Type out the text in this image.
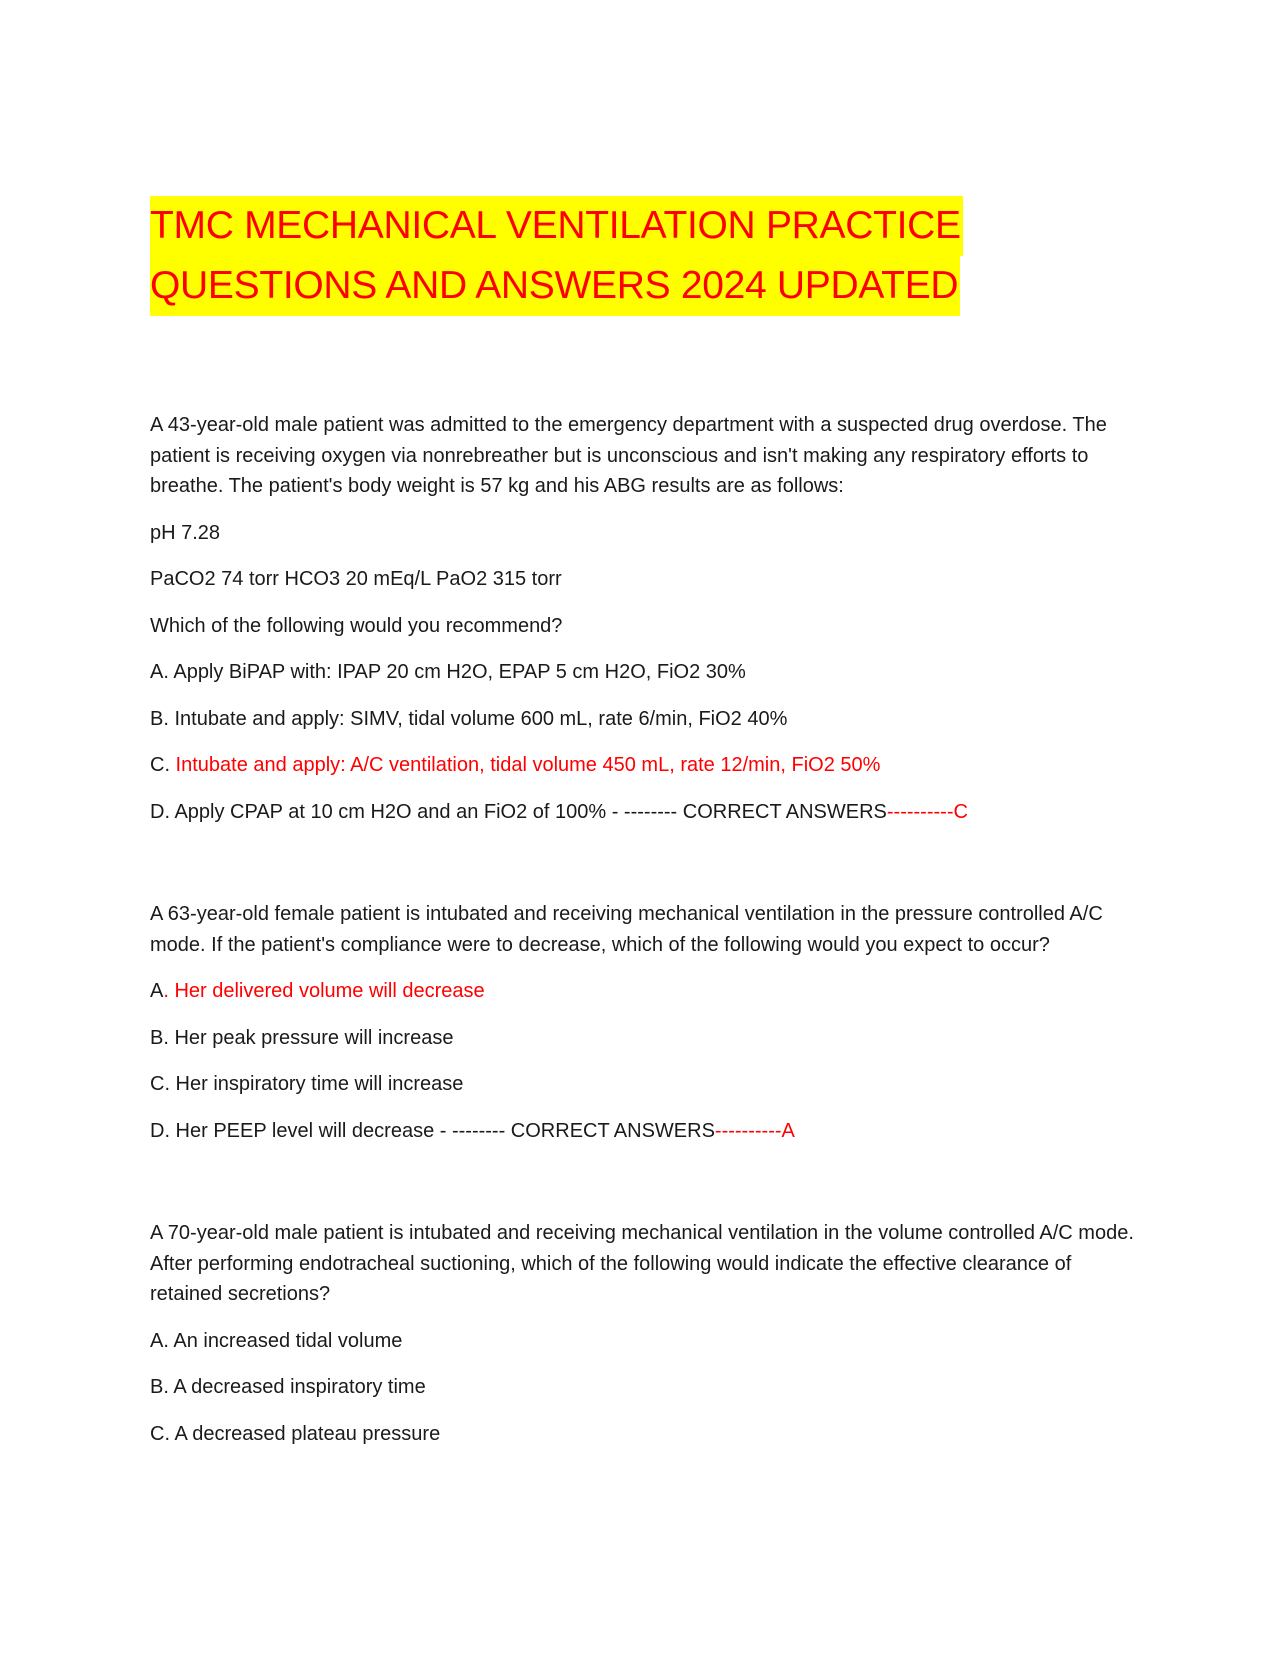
TMC MECHANICAL VENTILATION PRACTICE
QUESTIONS AND ANSWERS 2024 UPDATED

A 43-year-old male patient was admitted to the emergency department with a suspected drug overdose. The patient is receiving oxygen via nonrebreather but is unconscious and isn't making any respiratory efforts to breathe. The patient's body weight is 57 kg and his ABG results are as follows:

pH 7.28

PaCO2 74 torr HCO3 20 mEq/L PaO2 315 torr

Which of the following would you recommend?

A. Apply BiPAP with: IPAP 20 cm H2O, EPAP 5 cm H2O, FiO2 30%

B. Intubate and apply: SIMV, tidal volume 600 mL, rate 6/min, FiO2 40%

C. Intubate and apply: A/C ventilation, tidal volume 450 mL, rate 12/min, FiO2 50%

D. Apply CPAP at 10 cm H2O and an FiO2 of 100% - -------- CORRECT ANSWERS----------C

A 63-year-old female patient is intubated and receiving mechanical ventilation in the pressure controlled A/C mode. If the patient's compliance were to decrease, which of the following would you expect to occur?

A. Her delivered volume will decrease

B. Her peak pressure will increase

C. Her inspiratory time will increase

D. Her PEEP level will decrease - -------- CORRECT ANSWERS----------A

A 70-year-old male patient is intubated and receiving mechanical ventilation in the volume controlled A/C mode. After performing endotracheal suctioning, which of the following would indicate the effective clearance of retained secretions?

A. An increased tidal volume

B. A decreased inspiratory time

C. A decreased plateau pressure
